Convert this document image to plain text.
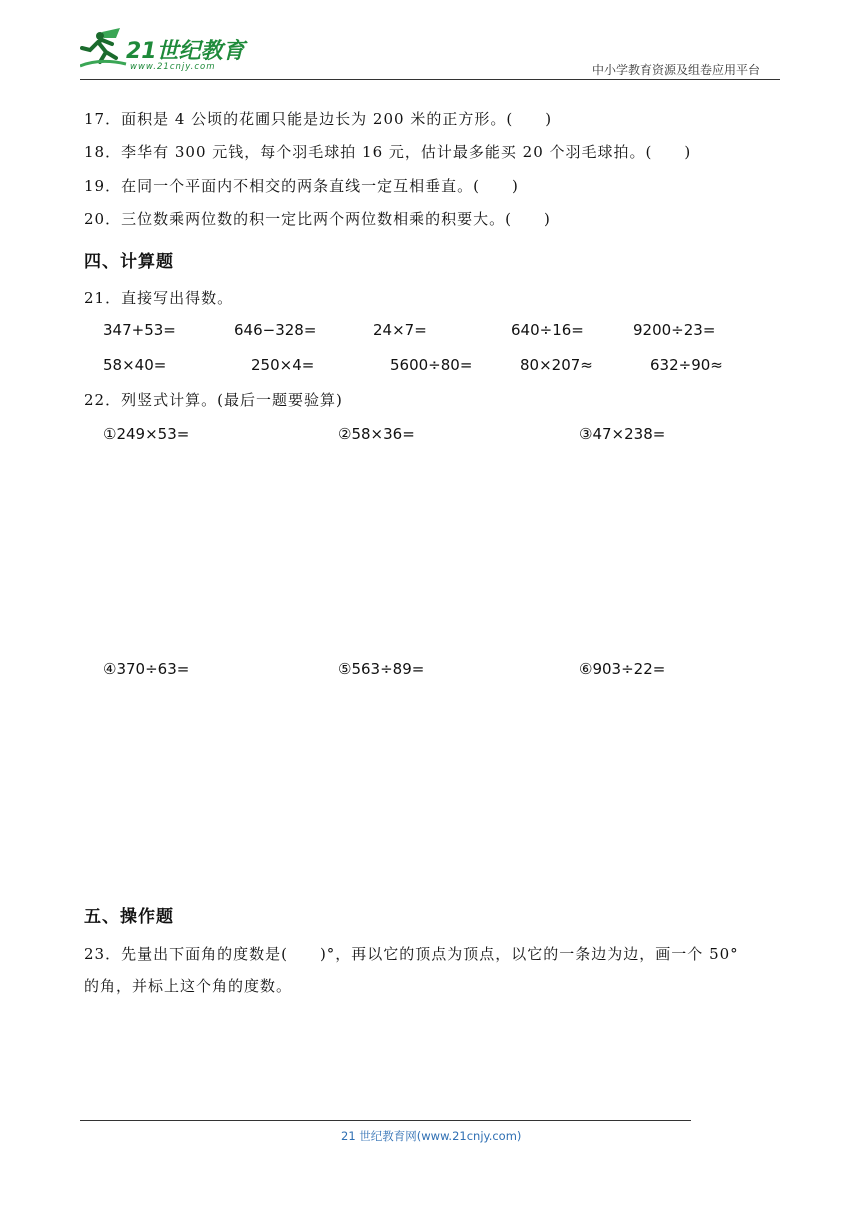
21世纪教育
www.21cnjy.com	中小学教育资源及组卷应用平台
17．面积是 4 公顷的花圃只能是边长为 200 米的正方形。(　　)
18．李华有 300 元钱，每个羽毛球拍 16 元，估计最多能买 20 个羽毛球拍。(　　)
19．在同一个平面内不相交的两条直线一定互相垂直。(　　)
20．三位数乘两位数的积一定比两个两位数相乘的积要大。(　　)
四、计算题
21．直接写出得数。
347+53=	646−328=	24×7=	640÷16=	9200÷23=
58×40=	250×4=	5600÷80=	80×207≈	632÷90≈
22．列竖式计算。(最后一题要验算)
①249×53=	②58×36=	③47×238=
④370÷63=	⑤563÷89=	⑥903÷22=
五、操作题
23．先量出下面角的度数是(　　)°，再以它的顶点为顶点，以它的一条边为边，画一个 50°
的角，并标上这个角的度数。
21 世纪教育网(www.21cnjy.com)
